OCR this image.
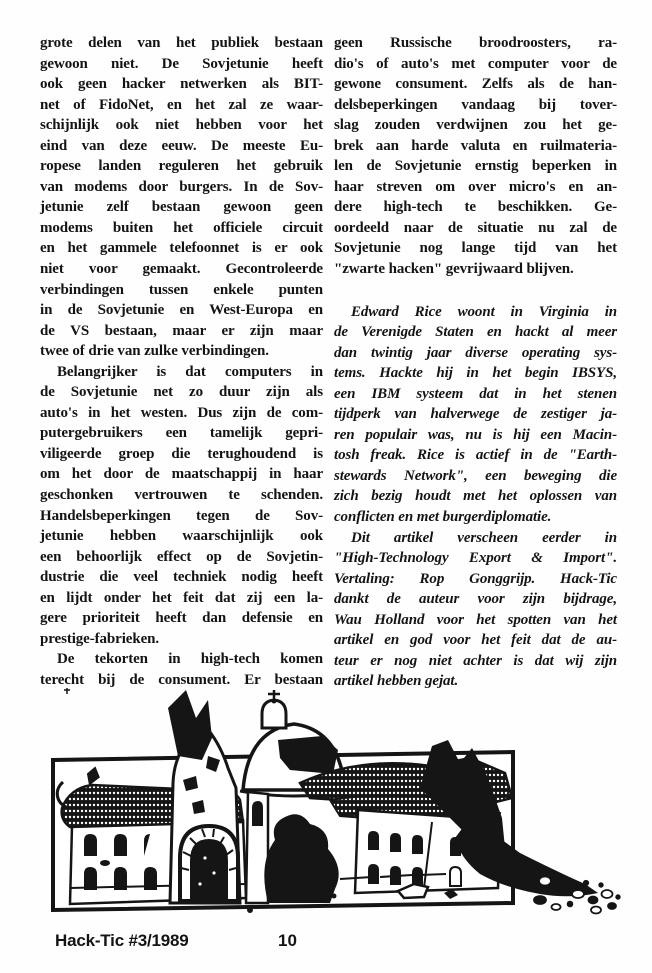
grote delen van het publiek bestaan
gewoon niet. De Sovjetunie heeft
ook geen hacker netwerken als BIT-
net of FidoNet, en het zal ze waar-
schijnlijk ook niet hebben voor het
eind van deze eeuw. De meeste Eu-
ropese landen reguleren het gebruik
van modems door burgers. In de Sov-
jetunie zelf bestaan gewoon geen
modems buiten het officiele circuit
en het gammele telefoonnet is er ook
niet voor gemaakt. Gecontroleerde
verbindingen tussen enkele punten
in de Sovjetunie en West-Europa en
de VS bestaan, maar er zijn maar
twee of drie van zulke verbindingen.
Belangrijker is dat computers in
de Sovjetunie net zo duur zijn als
auto's in het westen. Dus zijn de com-
putergebruikers een tamelijk gepri-
viligeerde groep die terughoudend is
om het door de maatschappij in haar
geschonken vertrouwen te schenden.
Handelsbeperkingen tegen de Sov-
jetunie hebben waarschijnlijk ook
een behoorlijk effect op de Sovjetin-
dustrie die veel techniek nodig heeft
en lijdt onder het feit dat zij een la-
gere prioriteit heeft dan defensie en
prestige-fabrieken.
De tekorten in high-tech komen
terecht bij de consument. Er bestaan
geen Russische broodroosters, ra-
dio's of auto's met computer voor de
gewone consument. Zelfs als de han-
delsbeperkingen vandaag bij tover-
slag zouden verdwijnen zou het ge-
brek aan harde valuta en ruilmateria-
len de Sovjetunie ernstig beperken in
haar streven om over micro's en an-
dere high-tech te beschikken. Ge-
oordeeld naar de situatie nu zal de
Sovjetunie nog lange tijd van het
"zwarte hacken" gevrijwaard blijven.
Edward Rice woont in Virginia in
de Verenigde Staten en hackt al meer
dan twintig jaar diverse operating sys-
tems. Hackte hij in het begin IBSYS,
een IBM systeem dat in het stenen
tijdperk van halverwege de zestiger ja-
ren populair was, nu is hij een Macin-
tosh freak. Rice is actief in de "Earth-
stewards Network", een beweging die
zich bezig houdt met het oplossen van
conflicten en met burgerdiplomatie.
Dit artikel verscheen eerder in
"High-Technology Export & Import".
Vertaling: Rop Gonggrijp. Hack-Tic
dankt de auteur voor zijn bijdrage,
Wau Holland voor het spotten van het
artikel en god voor het feit dat de au-
teur er nog niet achter is dat wij zijn
artikel hebben gejat.
Hack-Tic #3/1989	10
